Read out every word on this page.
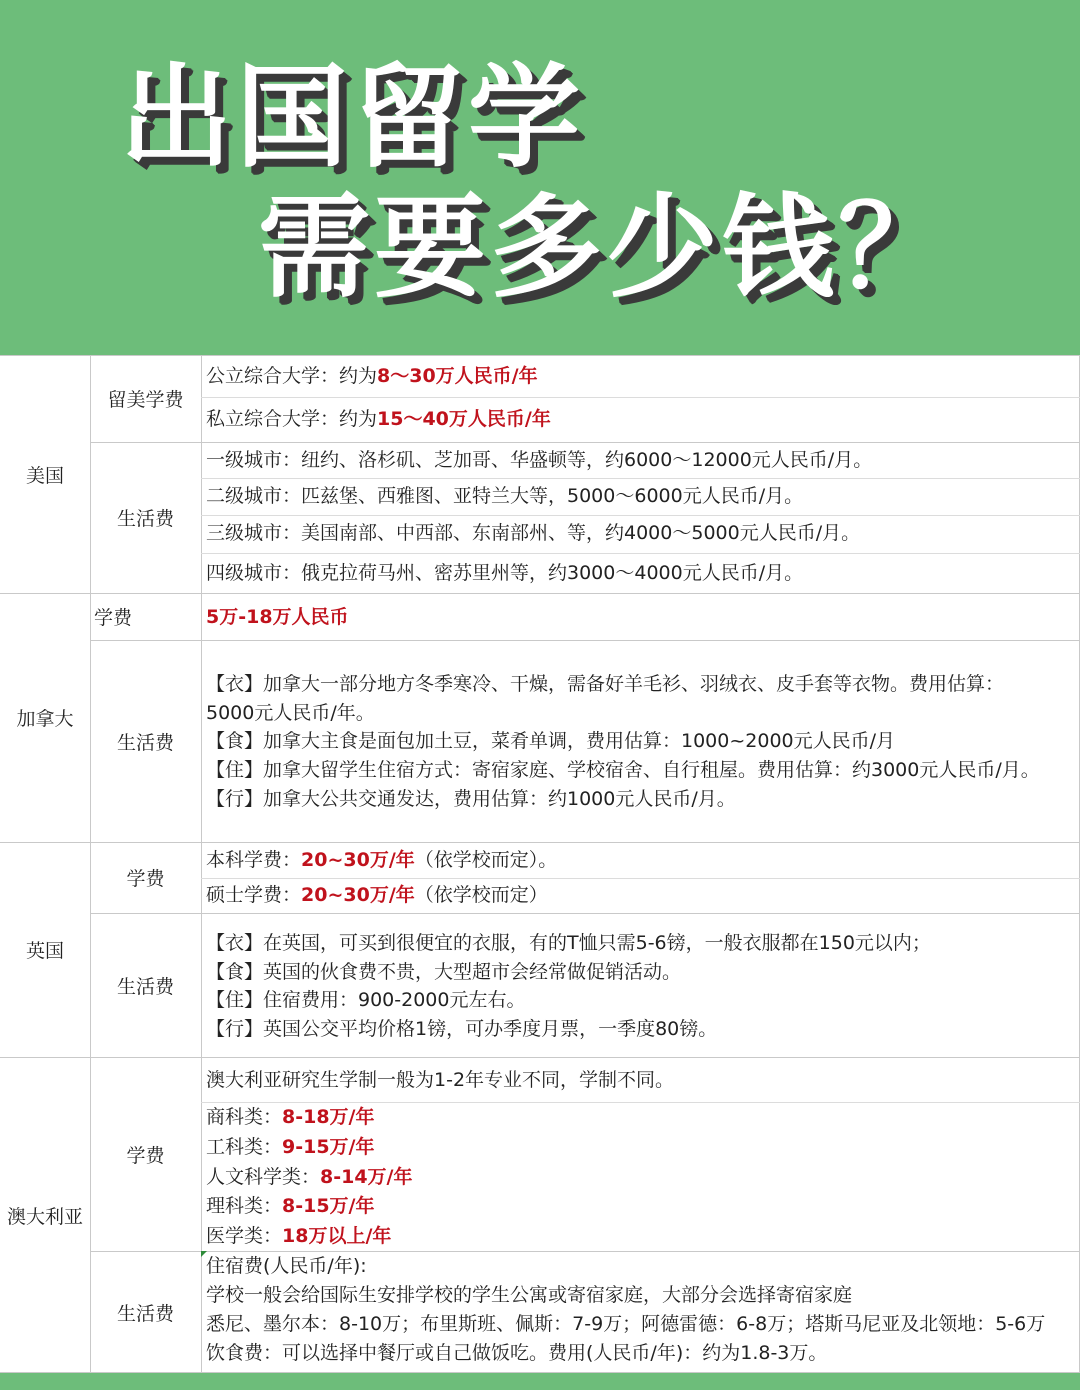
出国留学
需要多少钱？
美国
留美学费
公立综合大学：约为8～30万人民币/年
私立综合大学：约为15～40万人民币/年
生活费
一级城市：纽约、洛杉矶、芝加哥、华盛顿等，约6000～12000元人民币/月。
二级城市：匹兹堡、西雅图、亚特兰大等，5000～6000元人民币/月。
三级城市：美国南部、中西部、东南部州、等，约4000～5000元人民币/月。
四级城市：俄克拉荷马州、密苏里州等，约3000～4000元人民币/月。
加拿大
学费	5万-18万人民币
生活费
【衣】加拿大一部分地方冬季寒冷、干燥，需备好羊毛衫、羽绒衣、皮手套等衣物。费用估算：
5000元人民币/年。
【食】加拿大主食是面包加土豆，菜肴单调，费用估算：1000~2000元人民币/月
【住】加拿大留学生住宿方式：寄宿家庭、学校宿舍、自行租屋。费用估算：约3000元人民币/月。
【行】加拿大公共交通发达，费用估算：约1000元人民币/月。
英国
学费
本科学费：20~30万/年（依学校而定）。
硕士学费：20~30万/年（依学校而定）
生活费
【衣】在英国，可买到很便宜的衣服，有的T恤只需5-6镑，一般衣服都在150元以内；
【食】英国的伙食费不贵，大型超市会经常做促销活动。
【住】住宿费用：900-2000元左右。
【行】英国公交平均价格1镑，可办季度月票，一季度80镑。
澳大利亚
学费
澳大利亚研究生学制一般为1-2年专业不同，学制不同。
商科类：8-18万/年
工科类：9-15万/年
人文科学类：8-14万/年
理科类：8-15万/年
医学类：18万以上/年
生活费
住宿费(人民币/年):
学校一般会给国际生安排学校的学生公寓或寄宿家庭，大部分会选择寄宿家庭
悉尼、墨尔本：8-10万；布里斯班、佩斯：7-9万；阿德雷德：6-8万；塔斯马尼亚及北领地：5-6万
饮食费：可以选择中餐厅或自己做饭吃。费用(人民币/年)：约为1.8-3万。
